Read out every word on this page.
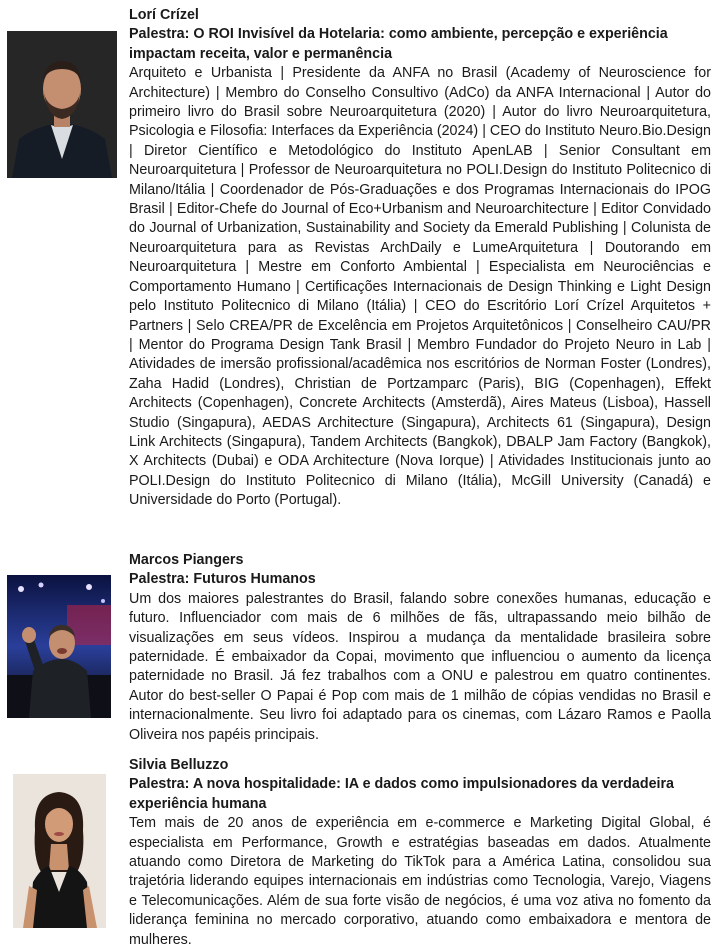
Lorí Crízel
Palestra: O ROI Invisível da Hotelaria: como ambiente, percepção e experiência impactam receita, valor e permanência
Arquiteto e Urbanista | Presidente da ANFA no Brasil (Academy of Neuroscience for Architecture) | Membro do Conselho Consultivo (AdCo) da ANFA Internacional | Autor do primeiro livro do Brasil sobre Neuroarquitetura (2020) | Autor do livro Neuroarquitetura, Psicologia e Filosofia: Interfaces da Experiência (2024) | CEO do Instituto Neuro.Bio.Design | Diretor Científico e Metodológico do Instituto ApenLAB | Senior Consultant em Neuroarquitetura | Professor de Neuroarquitetura no POLI.Design do Instituto Politecnico di Milano/Itália | Coordenador de Pós-Graduações e dos Programas Internacionais do IPOG Brasil | Editor-Chefe do Journal of Eco+Urbanism and Neuroarchitecture | Editor Convidado do Journal of Urbanization, Sustainability and Society da Emerald Publishing | Colunista de Neuroarquitetura para as Revistas ArchDaily e LumeArquitetura | Doutorando em Neuroarquitetura | Mestre em Conforto Ambiental | Especialista em Neurociências e Comportamento Humano | Certificações Internacionais de Design Thinking e Light Design pelo Instituto Politecnico di Milano (Itália) | CEO do Escritório Lorí Crízel Arquitetos + Partners | Selo CREA/PR de Excelência em Projetos Arquitetônicos | Conselheiro CAU/PR | Mentor do Programa Design Tank Brasil | Membro Fundador do Projeto Neuro in Lab | Atividades de imersão profissional/acadêmica nos escritórios de Norman Foster (Londres), Zaha Hadid (Londres), Christian de Portzamparc (Paris), BIG (Copenhagen), Effekt Architects (Copenhagen), Concrete Architects (Amsterdã), Aires Mateus (Lisboa), Hassell Studio (Singapura), AEDAS Architecture (Singapura), Architects 61 (Singapura), Design Link Architects (Singapura), Tandem Architects (Bangkok), DBALP Jam Factory (Bangkok), X Architects (Dubai) e ODA Architecture (Nova Iorque) | Atividades Institucionais junto ao POLI.Design do Instituto Politecnico di Milano (Itália), McGill University (Canadá) e Universidade do Porto (Portugal).
Marcos Piangers
Palestra: Futuros Humanos
Um dos maiores palestrantes do Brasil, falando sobre conexões humanas, educação e futuro. Influenciador com mais de 6 milhões de fãs, ultrapassando meio bilhão de visualizações em seus vídeos. Inspirou a mudança da mentalidade brasileira sobre paternidade. É embaixador da Copai, movimento que influenciou o aumento da licença paternidade no Brasil. Já fez trabalhos com a ONU e palestrou em quatro continentes. Autor do best-seller O Papai é Pop com mais de 1 milhão de cópias vendidas no Brasil e internacionalmente. Seu livro foi adaptado para os cinemas, com Lázaro Ramos e Paolla Oliveira nos papéis principais.
Silvia Belluzzo
Palestra: A nova hospitalidade: IA e dados como impulsionadores da verdadeira experiência humana
Tem mais de 20 anos de experiência em e-commerce e Marketing Digital Global, é especialista em Performance, Growth e estratégias baseadas em dados. Atualmente atuando como Diretora de Marketing do TikTok para a América Latina, consolidou sua trajetória liderando equipes internacionais em indústrias como Tecnologia, Varejo, Viagens e Telecomunicações. Além de sua forte visão de negócios, é uma voz ativa no fomento da liderança feminina no mercado corporativo, atuando como embaixadora e mentora de mulheres.
